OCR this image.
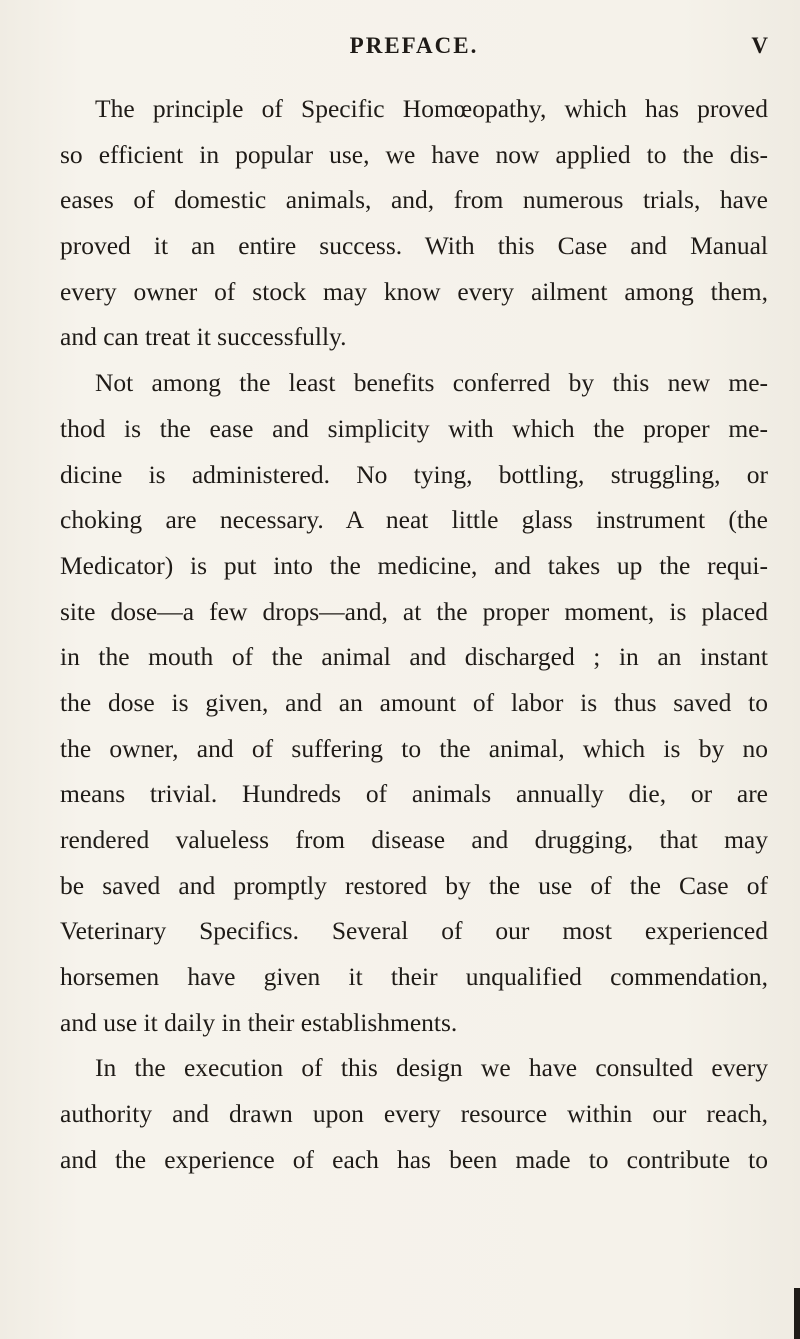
PREFACE.	V
The principle of Specific Homœopathy, which has proved
so efficient in popular use, we have now applied to the dis-
eases of domestic animals, and, from numerous trials, have
proved it an entire success. With this Case and Manual
every owner of stock may know every ailment among them,
and can treat it successfully.
Not among the least benefits conferred by this new me-
thod is the ease and simplicity with which the proper me-
dicine is administered. No tying, bottling, struggling, or
choking are necessary. A neat little glass instrument (the
Medicator) is put into the medicine, and takes up the requi-
site dose—a few drops—and, at the proper moment, is placed
in the mouth of the animal and discharged ; in an instant
the dose is given, and an amount of labor is thus saved to
the owner, and of suffering to the animal, which is by no
means trivial. Hundreds of animals annually die, or are
rendered valueless from disease and drugging, that may
be saved and promptly restored by the use of the Case of
Veterinary Specifics. Several of our most experienced
horsemen have given it their unqualified commendation,
and use it daily in their establishments.
In the execution of this design we have consulted every
authority and drawn upon every resource within our reach,
and the experience of each has been made to contribute to
